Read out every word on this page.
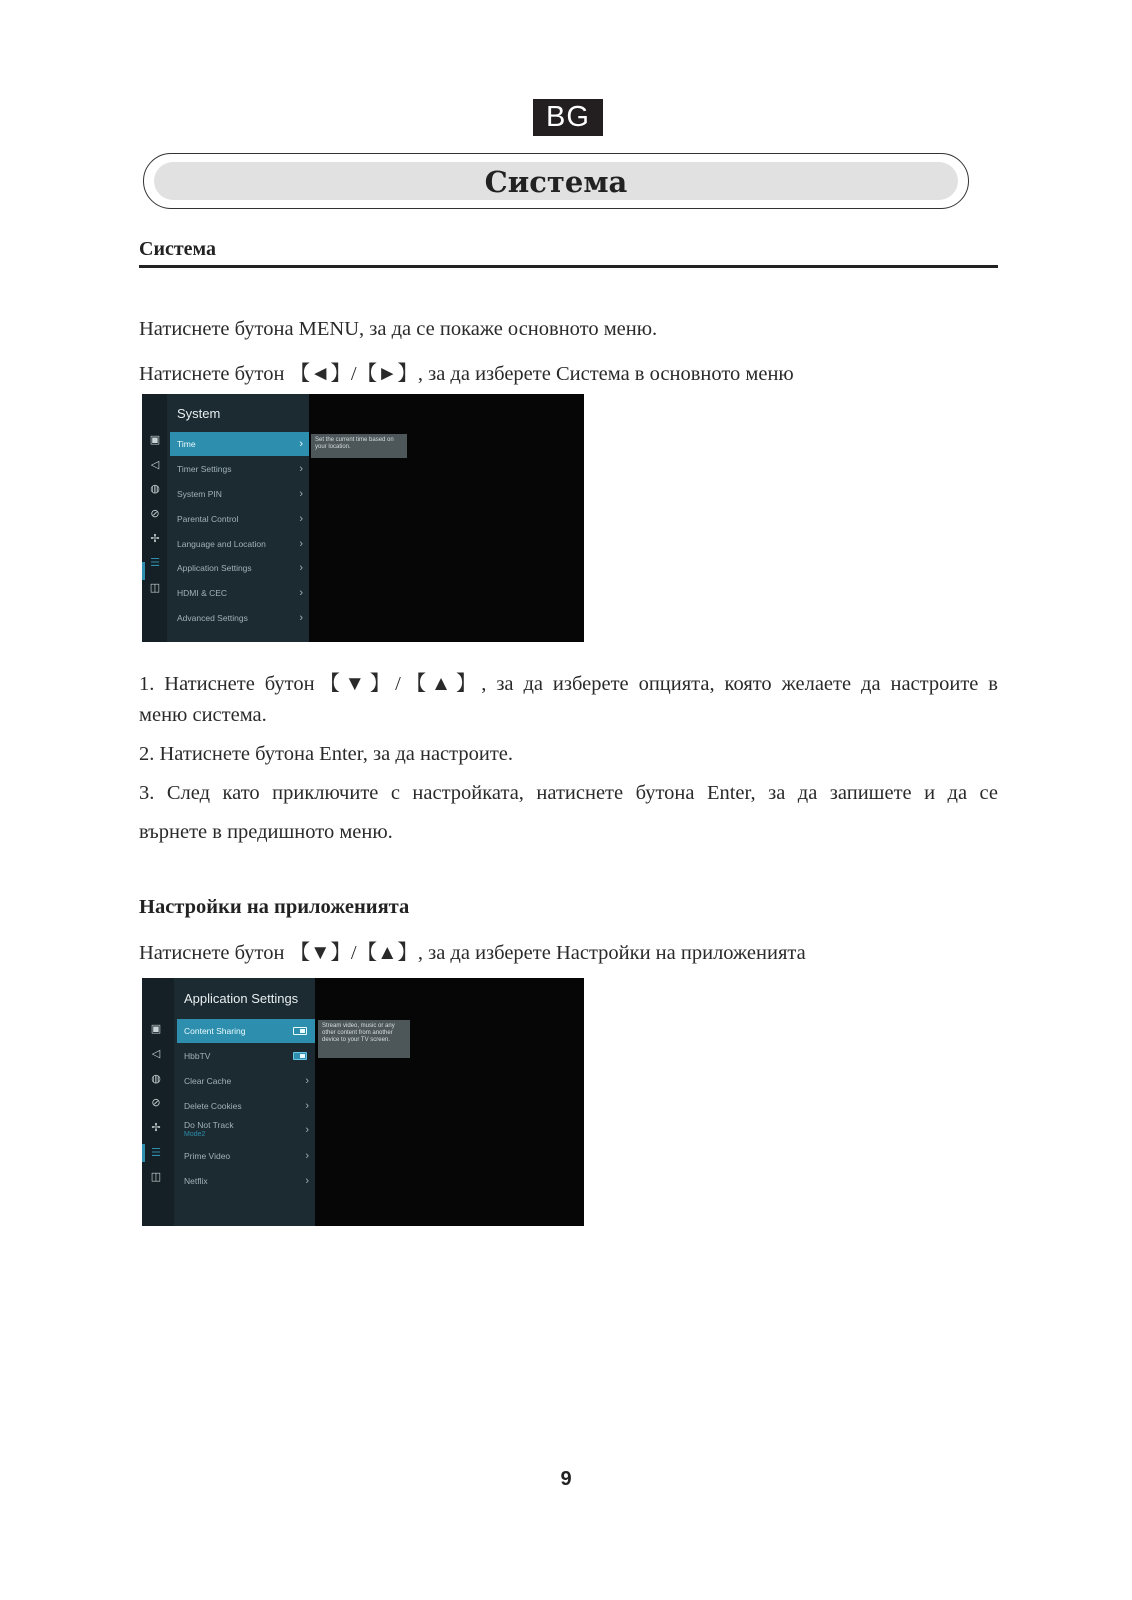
BG
Система
Система
Натиснете бутона MENU, за да се покаже основното меню.
Натиснете бутон 【◄】/【►】, за да изберете Система в основното меню
▣
◁
◍
⊘
✢
☰
◫
System
Time	›
Timer Settings	›
System PIN	›
Parental Control	›
Language and Location	›
Application Settings	›
HDMI & CEC	›
Advanced Settings	›
Set the current time based on your location.
1. Натиснете бутон【▼】/【▲】, за да изберете опцията, която желаете да настроите в
меню система.
2. Натиснете бутона Enter, за да настроите.
3. След като приключите с настройката, натиснете бутона Enter, за да запишете и да се
върнете в предишното меню.
Настройки на приложенията
Натиснете бутон 【▼】/【▲】, за да изберете Настройки на приложенията
▣
◁
◍
⊘
✢
☰
◫
Application Settings
Content Sharing
HbbTV
Clear Cache	›
Delete Cookies	›
Do Not Track
Mode2	›
Prime Video	›
Netflix	›
Stream video, music or any other content from another device to your TV screen.
9
